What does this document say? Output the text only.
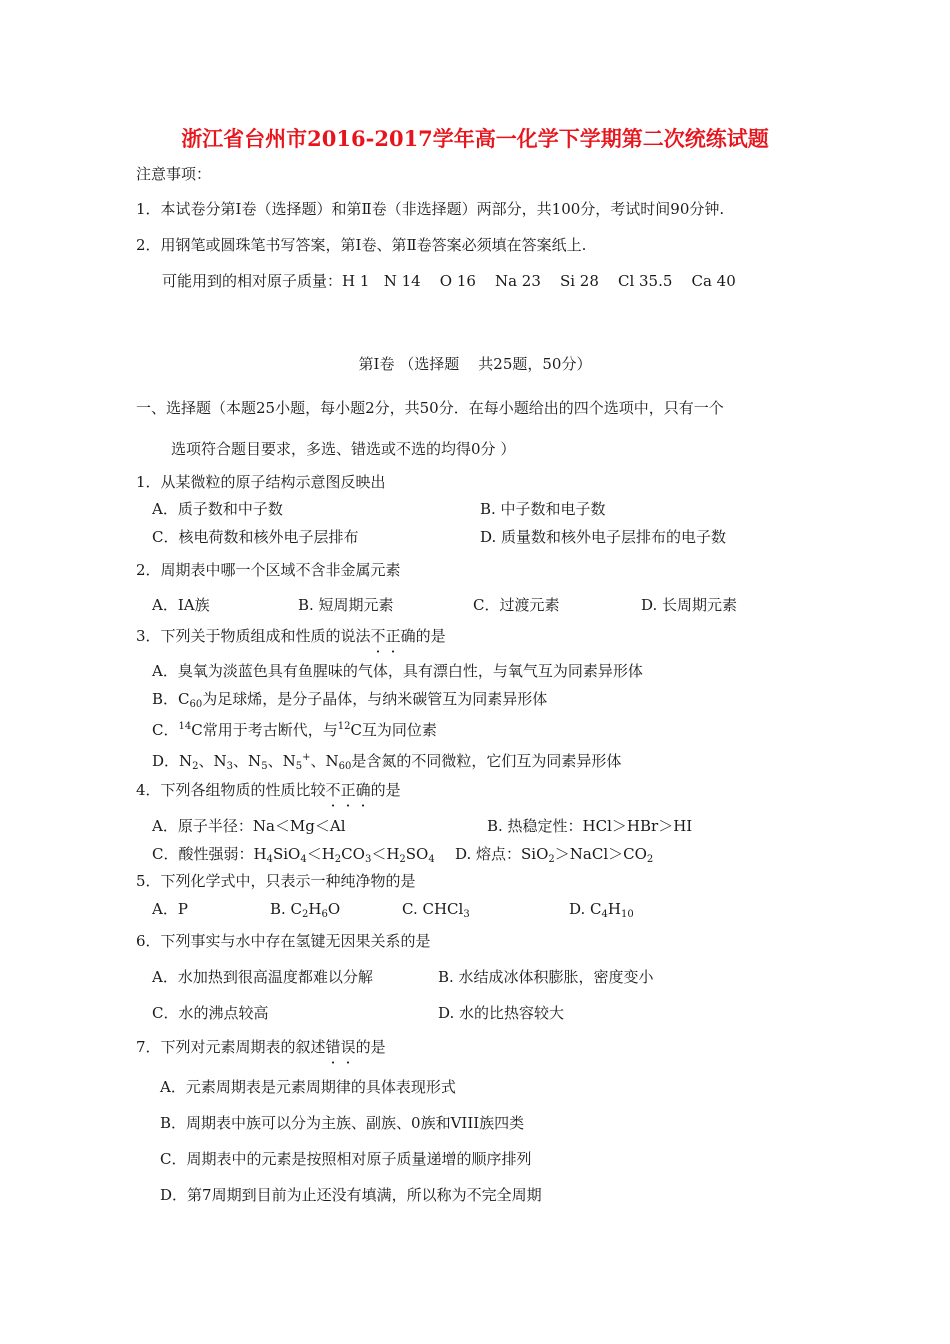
浙江省台州市2016-2017学年高一化学下学期第二次统练试题
注意事项：
1．本试卷分第Ⅰ卷（选择题）和第Ⅱ卷（非选择题）两部分，共100分，考试时间90分钟.
2．用钢笔或圆珠笔书写答案，第Ⅰ卷、第Ⅱ卷答案必须填在答案纸上.
可能用到的相对原子质量：H 1   N 14    O 16    Na 23    Si 28    Cl 35.5    Ca 40
第Ⅰ卷 （选择题    共25题，50分）
一、选择题（本题25小题，每小题2分，共50分．在每小题给出的四个选项中，只有一个
选项符合题目要求，多选、错选或不选的均得0分 ）
1．从某微粒的原子结构示意图反映出
A．质子数和中子数	B. 中子数和电子数
C．核电荷数和核外电子层排布	D. 质量数和核外电子层排布的电子数
2．周期表中哪一个区域不含非金属元素
A．IA族	B. 短周期元素	C．过渡元素	D. 长周期元素
3．下列关于物质组成和性质的说法不正确的是
A．臭氧为淡蓝色具有鱼腥味的气体，具有漂白性，与氧气互为同素异形体
B．$C_{60}$为足球烯，是分子晶体，与纳米碳管互为同素异形体
C．$^{14}$C常用于考古断代，与$^{12}$C互为同位素
D．$N_2$、$N_3$、$N_5$、$N_5^+$、$N_{60}$是含氮的不同微粒，它们互为同素异形体
4．下列各组物质的性质比较不正确的是
A．原子半径：Na＜Mg＜Al	B. 热稳定性：HCl＞HBr＞HI
C．酸性强弱：$H_4SiO_4<H_2CO_3<H_2SO_4$ D. 熔点：$SiO_2>NaCl>CO_2$
5．下列化学式中，只表示一种纯净物的是
A．P	B. $C_2H_6O$	C. CHCl$_3$	D. $C_4H_{10}$
6．下列事实与水中存在氢键无因果关系的是
A．水加热到很高温度都难以分解	B. 水结成冰体积膨胀，密度变小
C．水的沸点较高	D. 水的比热容较大
7．下列对元素周期表的叙述错误的是
A．元素周期表是元素周期律的具体表现形式
B．周期表中族可以分为主族、副族、0族和VIII族四类
C．周期表中的元素是按照相对原子质量递增的顺序排列
D．第7周期到目前为止还没有填满，所以称为不完全周期
